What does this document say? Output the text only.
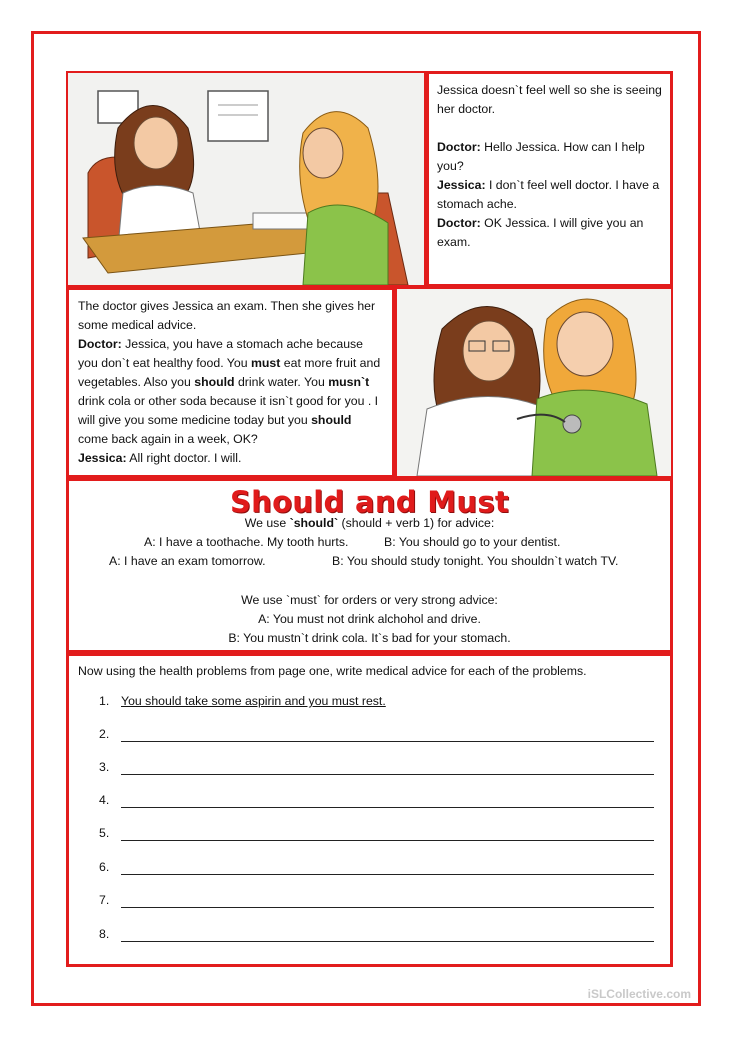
Jessica doesn`t feel well so she is seeing her doctor.

Doctor: Hello Jessica. How can I help you?

Jessica: I don`t feel well doctor. I have a stomach ache.

Doctor: OK Jessica. I will give you an exam.

The doctor gives Jessica an exam. Then she gives her some medical advice.

Doctor: Jessica, you have a stomach ache because you don`t eat healthy food. You must eat more fruit and vegetables. Also you should drink water. You musn`t drink cola or other soda because it isn`t good for you . I will give you some medicine today but you should come back again in a week, OK?

Jessica: All right doctor. I will.

Should and Must
We use `should` (should + verb 1) for advice:
A: I have a toothache. My tooth hurts.	B: You should go to your dentist.
A: I have an exam tomorrow.	B: You should study tonight. You shouldn`t watch TV.
We use `must` for orders or very strong advice:
A: You must not drink alchohol and drive.
B: You mustn`t drink cola. It`s bad for your stomach.
Now using the health problems from page one, write medical advice for each of the problems.
1. You should take some aspirin and you must rest.
2.
3.
4.
5.
6.
7.
8.
iSLCollective.com
